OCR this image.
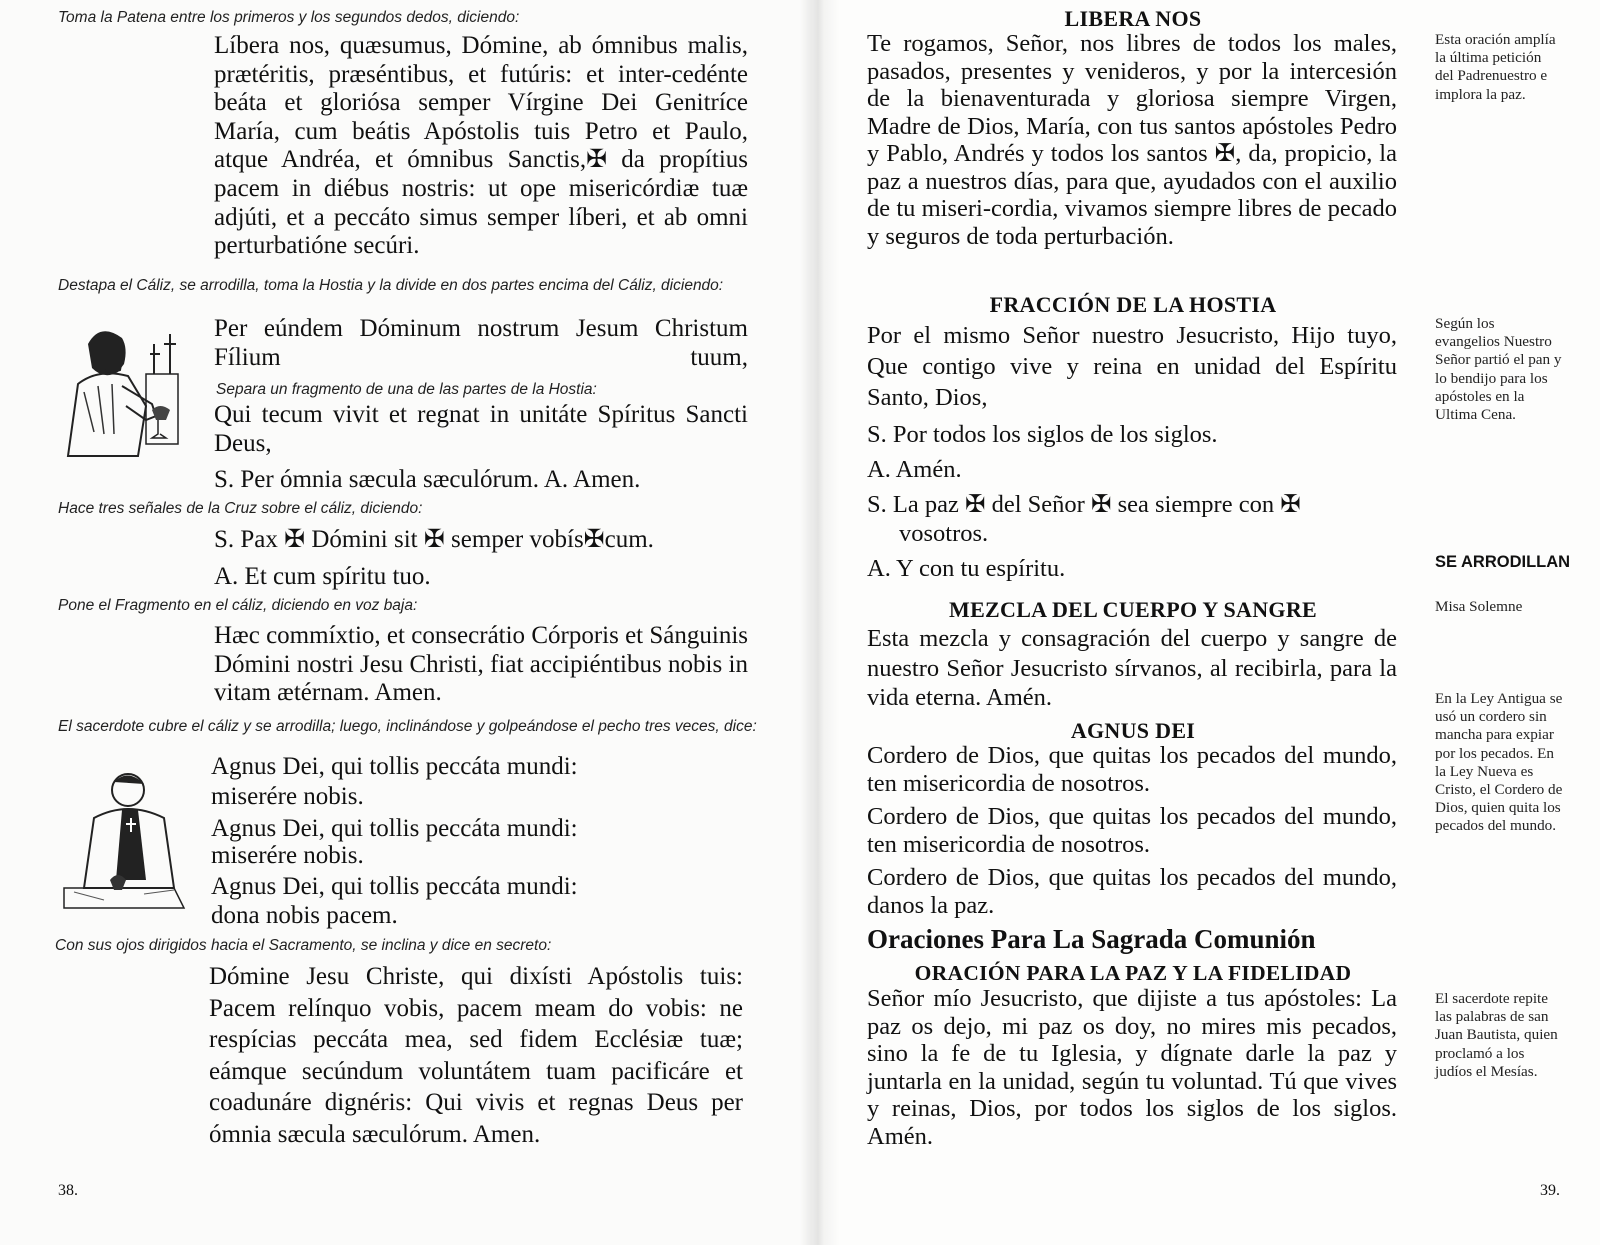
Toma la Patena entre los primeros y los segundos dedos, diciendo:

Líbera nos, quæsumus, Dómine, ab ómnibus malis, prætéritis, præséntibus, et futúris: et inter-cedénte beáta et gloriósa semper Vírgine Dei Genitríce María, cum beátis Apóstolis tuis Petro et Paulo, atque Andréa, et ómnibus Sanctis,✠ da propítius pacem in diébus nostris: ut ope misericórdiæ tuæ adjúti, et a peccáto simus semper líberi, et ab omni perturbatióne secúri.

Destapa el Cáliz, se arrodilla, toma la Hostia y la divide en dos partes encima del Cáliz, diciendo:

Per eúndem Dóminum nostrum Jesum Christum Fílium tuum,

Separa un fragmento de una de las partes de la Hostia:

Qui tecum vivit et regnat in unitáte Spíritus Sancti Deus,

S. Per ómnia sæcula sæculórum. A. Amen.
Hace tres señales de la Cruz sobre el cáliz, diciendo:
S. Pax ✠ Dómini sit ✠ semper vobís✠cum.
A. Et cum spíritu tuo.
Pone el Fragmento en el cáliz, diciendo en voz baja:

Hæc commíxtio, et consecrátio Córporis et Sánguinis Dómini nostri Jesu Christi, fiat accipiéntibus nobis in vitam ætérnam. Amen.

El sacerdote cubre el cáliz y se arrodilla; luego, inclinándose y golpeándose el pecho tres veces, dice:
Agnus Dei, qui tollis peccáta mundi:
miserére nobis.
Agnus Dei, qui tollis peccáta mundi:
miserére nobis.
Agnus Dei, qui tollis peccáta mundi:
dona nobis pacem.
Con sus ojos dirigidos hacia el Sacramento, se inclina y dice en secreto:

Dómine Jesu Christe, qui dixísti Apóstolis tuis: Pacem relínquo vobis, pacem meam do vobis: ne respícias peccáta mea, sed fidem Ecclésiæ tuæ; eámque secúndum voluntátem tuam pacificáre et coadunáre dignéris: Qui vivis et regnas Deus per ómnia sæcula sæculórum. Amen.

38.
LIBERA NOS

Te rogamos, Señor, nos libres de todos los males, pasados, presentes y venideros, y por la intercesión de la bienaventurada y gloriosa siempre Virgen, Madre de Dios, María, con tus santos apóstoles Pedro y Pablo, Andrés y todos los santos ✠, da, propicio, la paz a nuestros días, para que, ayudados con el auxilio de tu miseri-cordia, vivamos siempre libres de pecado y seguros de toda perturbación.

FRACCIÓN DE LA HOSTIA

Por el mismo Señor nuestro Jesucristo, Hijo tuyo, Que contigo vive y reina en unidad del Espíritu Santo, Dios,

S. Por todos los siglos de los siglos.
A. Amén.
S. La paz ✠ del Señor ✠ sea siempre con ✠
vosotros.
A. Y con tu espíritu.
MEZCLA DEL CUERPO Y SANGRE

Esta mezcla y consagración del cuerpo y sangre de nuestro Señor Jesucristo sírvanos, al recibirla, para la vida eterna. Amén.

AGNUS DEI

Cordero de Dios, que quitas los pecados del mundo, ten misericordia de nosotros.

Cordero de Dios, que quitas los pecados del mundo, ten misericordia de nosotros.

Cordero de Dios, que quitas los pecados del mundo, danos la paz.

Oraciones Para La Sagrada Comunión
ORACIÓN PARA LA PAZ Y LA FIDELIDAD

Señor mío Jesucristo, que dijiste a tus apóstoles: La paz os dejo, mi paz os doy, no mires mis pecados, sino la fe de tu Iglesia, y dígnate darle la paz y juntarla en la unidad, según tu voluntad. Tú que vives y reinas, Dios, por todos los siglos de los siglos. Amén.

Esta oración amplía la última petición del Padrenuestro e implora la paz.
Según los evangelios Nuestro Señor partió el pan y lo bendijo para los apóstoles en la Ultima Cena.
SE ARRODILLAN
Misa Solemne
En la Ley Antigua se usó un cordero sin mancha para expiar por los pecados. En la Ley Nueva es Cristo, el Cordero de Dios, quien quita los pecados del mundo.
El sacerdote repite las palabras de san Juan Bautista, quien proclamó a los judíos el Mesías.
39.
